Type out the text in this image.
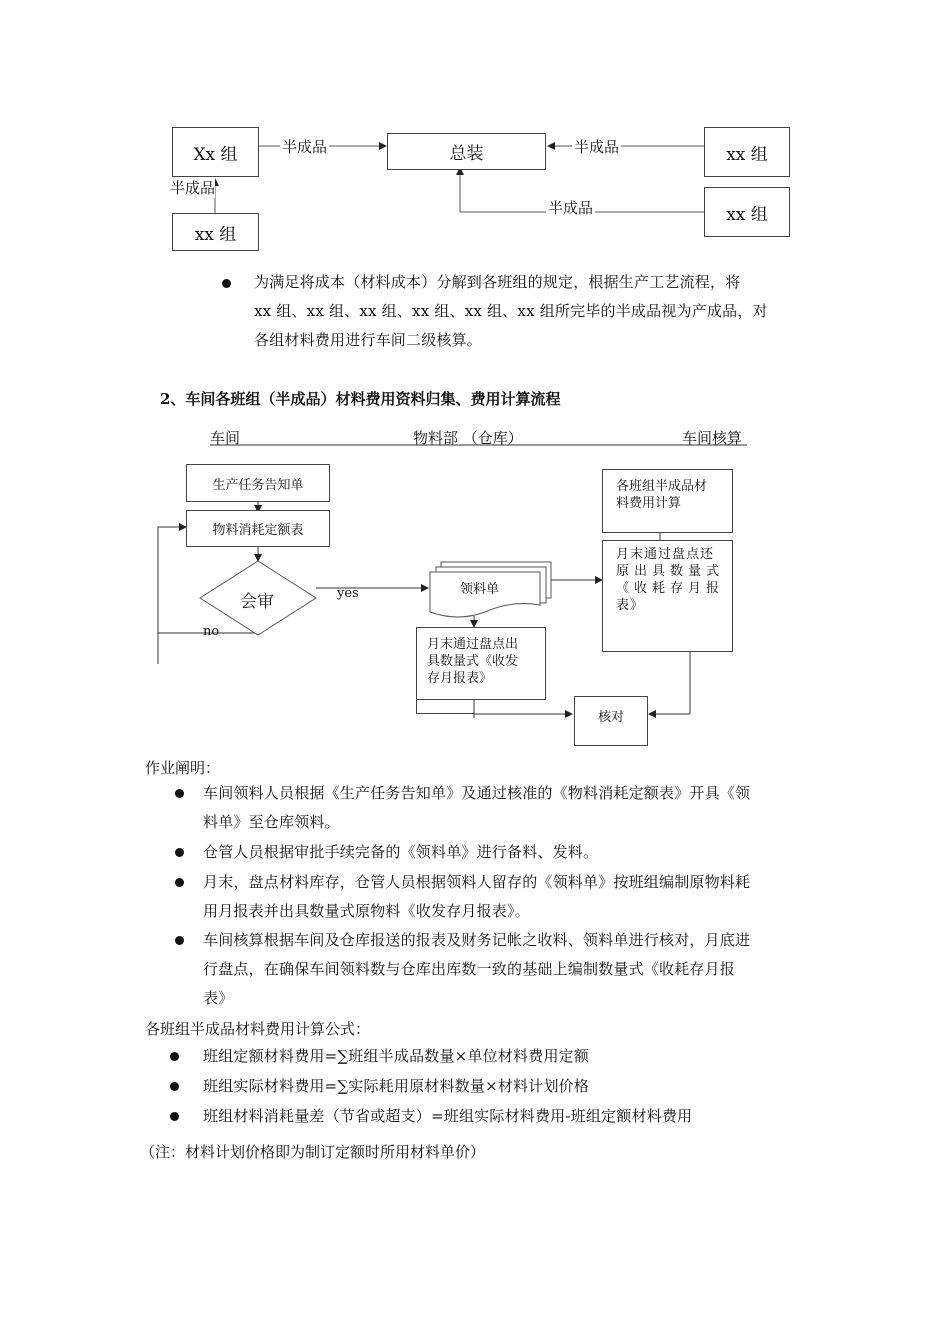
Xx 组
xx 组
总装	xx 组
xx 组
半成品
半成品
半成品
半成品
为满足将成本（材料成本）分解到各班组的规定，根据生产工艺流程，将
xx 组、xx 组、xx 组、xx 组、xx 组、xx 组所完毕的半成品视为产成品，对
各组材料费用进行车间二级核算。
2、车间各班组（半成品）材料费用资料归集、费用计算流程
车间	物料部 （仓库）	车间核算
生产任务告知单
物料消耗定额表
会审	yes
no
领料单
月末通过盘点出
具数量式《收发
存月报表》
各班组半成品材
料费用计算
月末通过盘点还
原出具数量式
《收耗存月报
表》
核对
作业阐明：
车间领料人员根据《生产任务告知单》及通过核准的《物料消耗定额表》开具《领
料单》至仓库领料。
仓管人员根据审批手续完备的《领料单》进行备料、发料。
月末，盘点材料库存，仓管人员根据领料人留存的《领料单》按班组编制原物料耗
用月报表并出具数量式原物料《收发存月报表》。
车间核算根据车间及仓库报送的报表及财务记帐之收料、领料单进行核对，月底进
行盘点，在确保车间领料数与仓库出库数一致的基础上编制数量式《收耗存月报
表》
各班组半成品材料费用计算公式：
班组定额材料费用=∑班组半成品数量×单位材料费用定额
班组实际材料费用=∑实际耗用原材料数量×材料计划价格
班组材料消耗量差（节省或超支）=班组实际材料费用-班组定额材料费用
（注：材料计划价格即为制订定额时所用材料单价）
